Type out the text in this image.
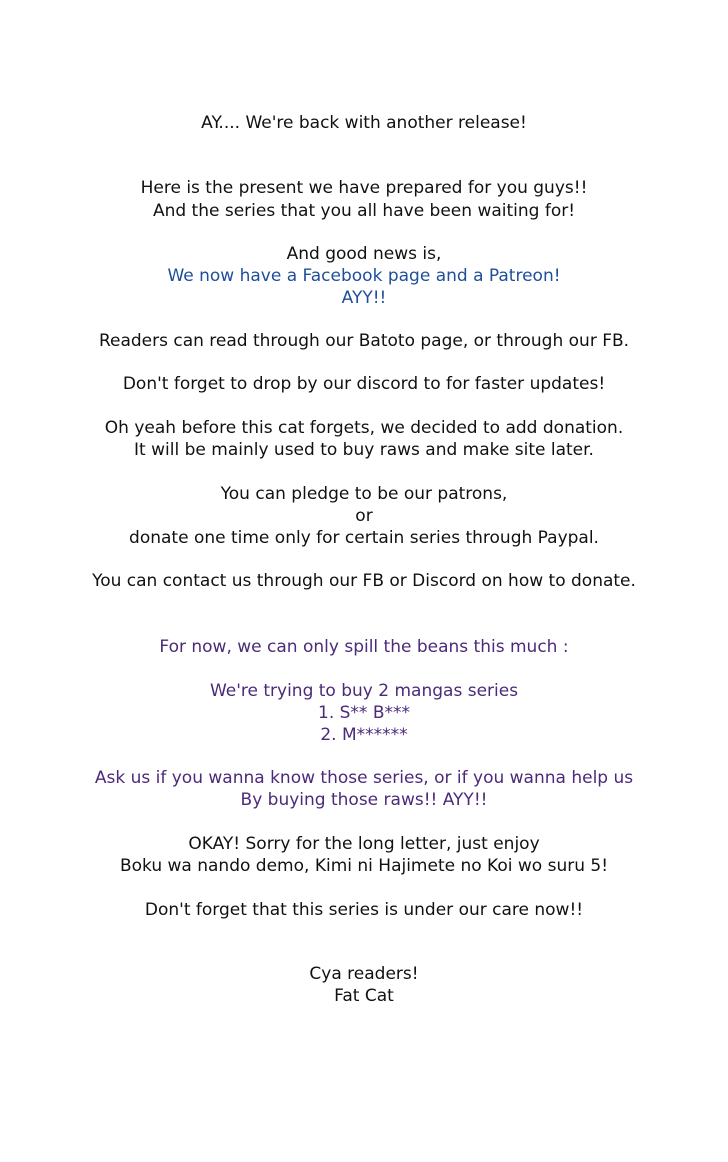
AY.... We're back with another release!
Here is the present we have prepared for you guys!!
And the series that you all have been waiting for!
And good news is,
We now have a Facebook page and a Patreon!
AYY!!
Readers can read through our Batoto page, or through our FB.
Don't forget to drop by our discord to for faster updates!
Oh yeah before this cat forgets, we decided to add donation.
It will be mainly used to buy raws and make site later.
You can pledge to be our patrons,
or
donate one time only for certain series through Paypal.
You can contact us through our FB or Discord on how to donate.
For now, we can only spill the beans this much :
We're trying to buy 2 mangas series
1. S** B***
2. M******
Ask us if you wanna know those series, or if you wanna help us
By buying those raws!! AYY!!
OKAY! Sorry for the long letter, just enjoy
Boku wa nando demo, Kimi ni Hajimete no Koi wo suru 5!
Don't forget that this series is under our care now!!
Cya readers!
Fat Cat
